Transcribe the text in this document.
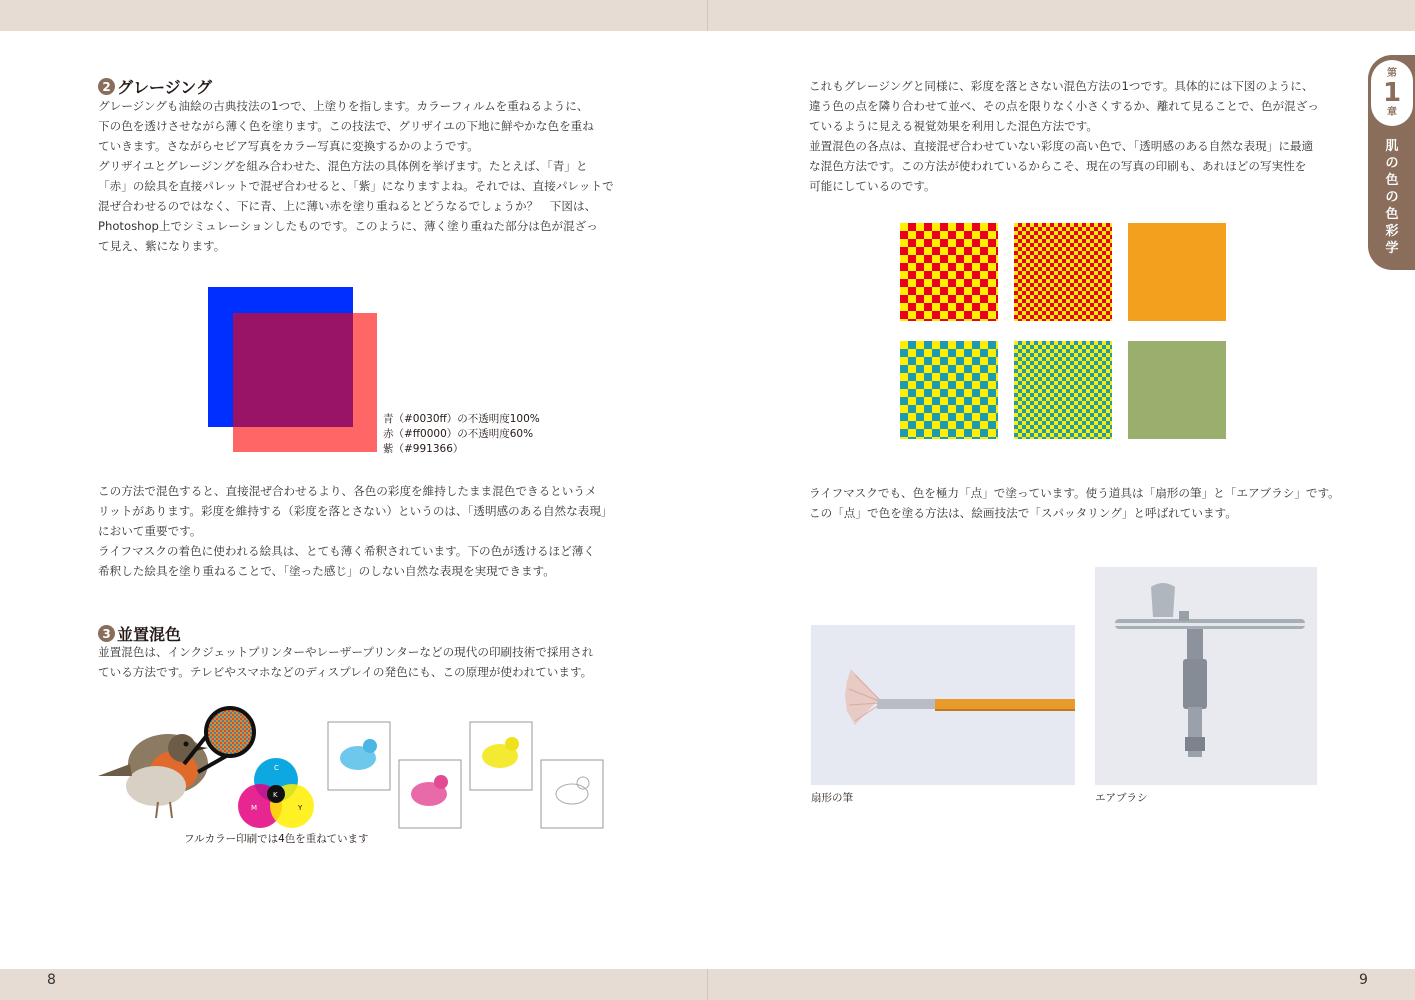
8	9
2 グレージング
グレージングも油絵の古典技法の1つで、上塗りを指します。カラーフィルムを重ねるように、
下の色を透けさせながら薄く色を塗ります。この技法で、グリザイユの下地に鮮やかな色を重ね
ていきます。さながらセピア写真をカラー写真に変換するかのようです。
グリザイユとグレージングを組み合わせた、混色方法の具体例を挙げます。たとえば、「青」と
「赤」の絵具を直接パレットで混ぜ合わせると、「紫」になりますよね。それでは、直接パレットで
混ぜ合わせるのではなく、下に青、上に薄い赤を塗り重ねるとどうなるでしょうか？　下図は、
Photoshop上でシミュレーションしたものです。このように、薄く塗り重ねた部分は色が混ざっ
て見え、紫になります。
青（#0030ff）の不透明度100%
赤（#ff0000）の不透明度60%
紫（#991366）
この方法で混色すると、直接混ぜ合わせるより、各色の彩度を維持したまま混色できるというメ
リットがあります。彩度を維持する（彩度を落とさない）というのは、「透明感のある自然な表現」
において重要です。
ライフマスクの着色に使われる絵具は、とても薄く希釈されています。下の色が透けるほど薄く
希釈した絵具を塗り重ねることで、「塗った感じ」のしない自然な表現を実現できます。
3 並置混色
並置混色は、インクジェットプリンターやレーザープリンターなどの現代の印刷技術で採用され
ている方法です。テレビやスマホなどのディスプレイの発色にも、この原理が使われています。
C
M	Y
K
フルカラー印刷では4色を重ねています
第
1
章
肌の色の色彩学
これもグレージングと同様に、彩度を落とさない混色方法の1つです。具体的には下図のように、
違う色の点を隣り合わせて並べ、その点を限りなく小さくするか、離れて見ることで、色が混ざっ
ているように見える視覚効果を利用した混色方法です。
並置混色の各点は、直接混ぜ合わせていない彩度の高い色で、「透明感のある自然な表現」に最適
な混色方法です。この方法が使われているからこそ、現在の写真の印刷も、あれほどの写実性を
可能にしているのです。
ライフマスクでも、色を極力「点」で塗っています。使う道具は「扇形の筆」と「エアブラシ」です。
この「点」で色を塗る方法は、絵画技法で「スパッタリング」と呼ばれています。
扇形の筆	エアブラシ
